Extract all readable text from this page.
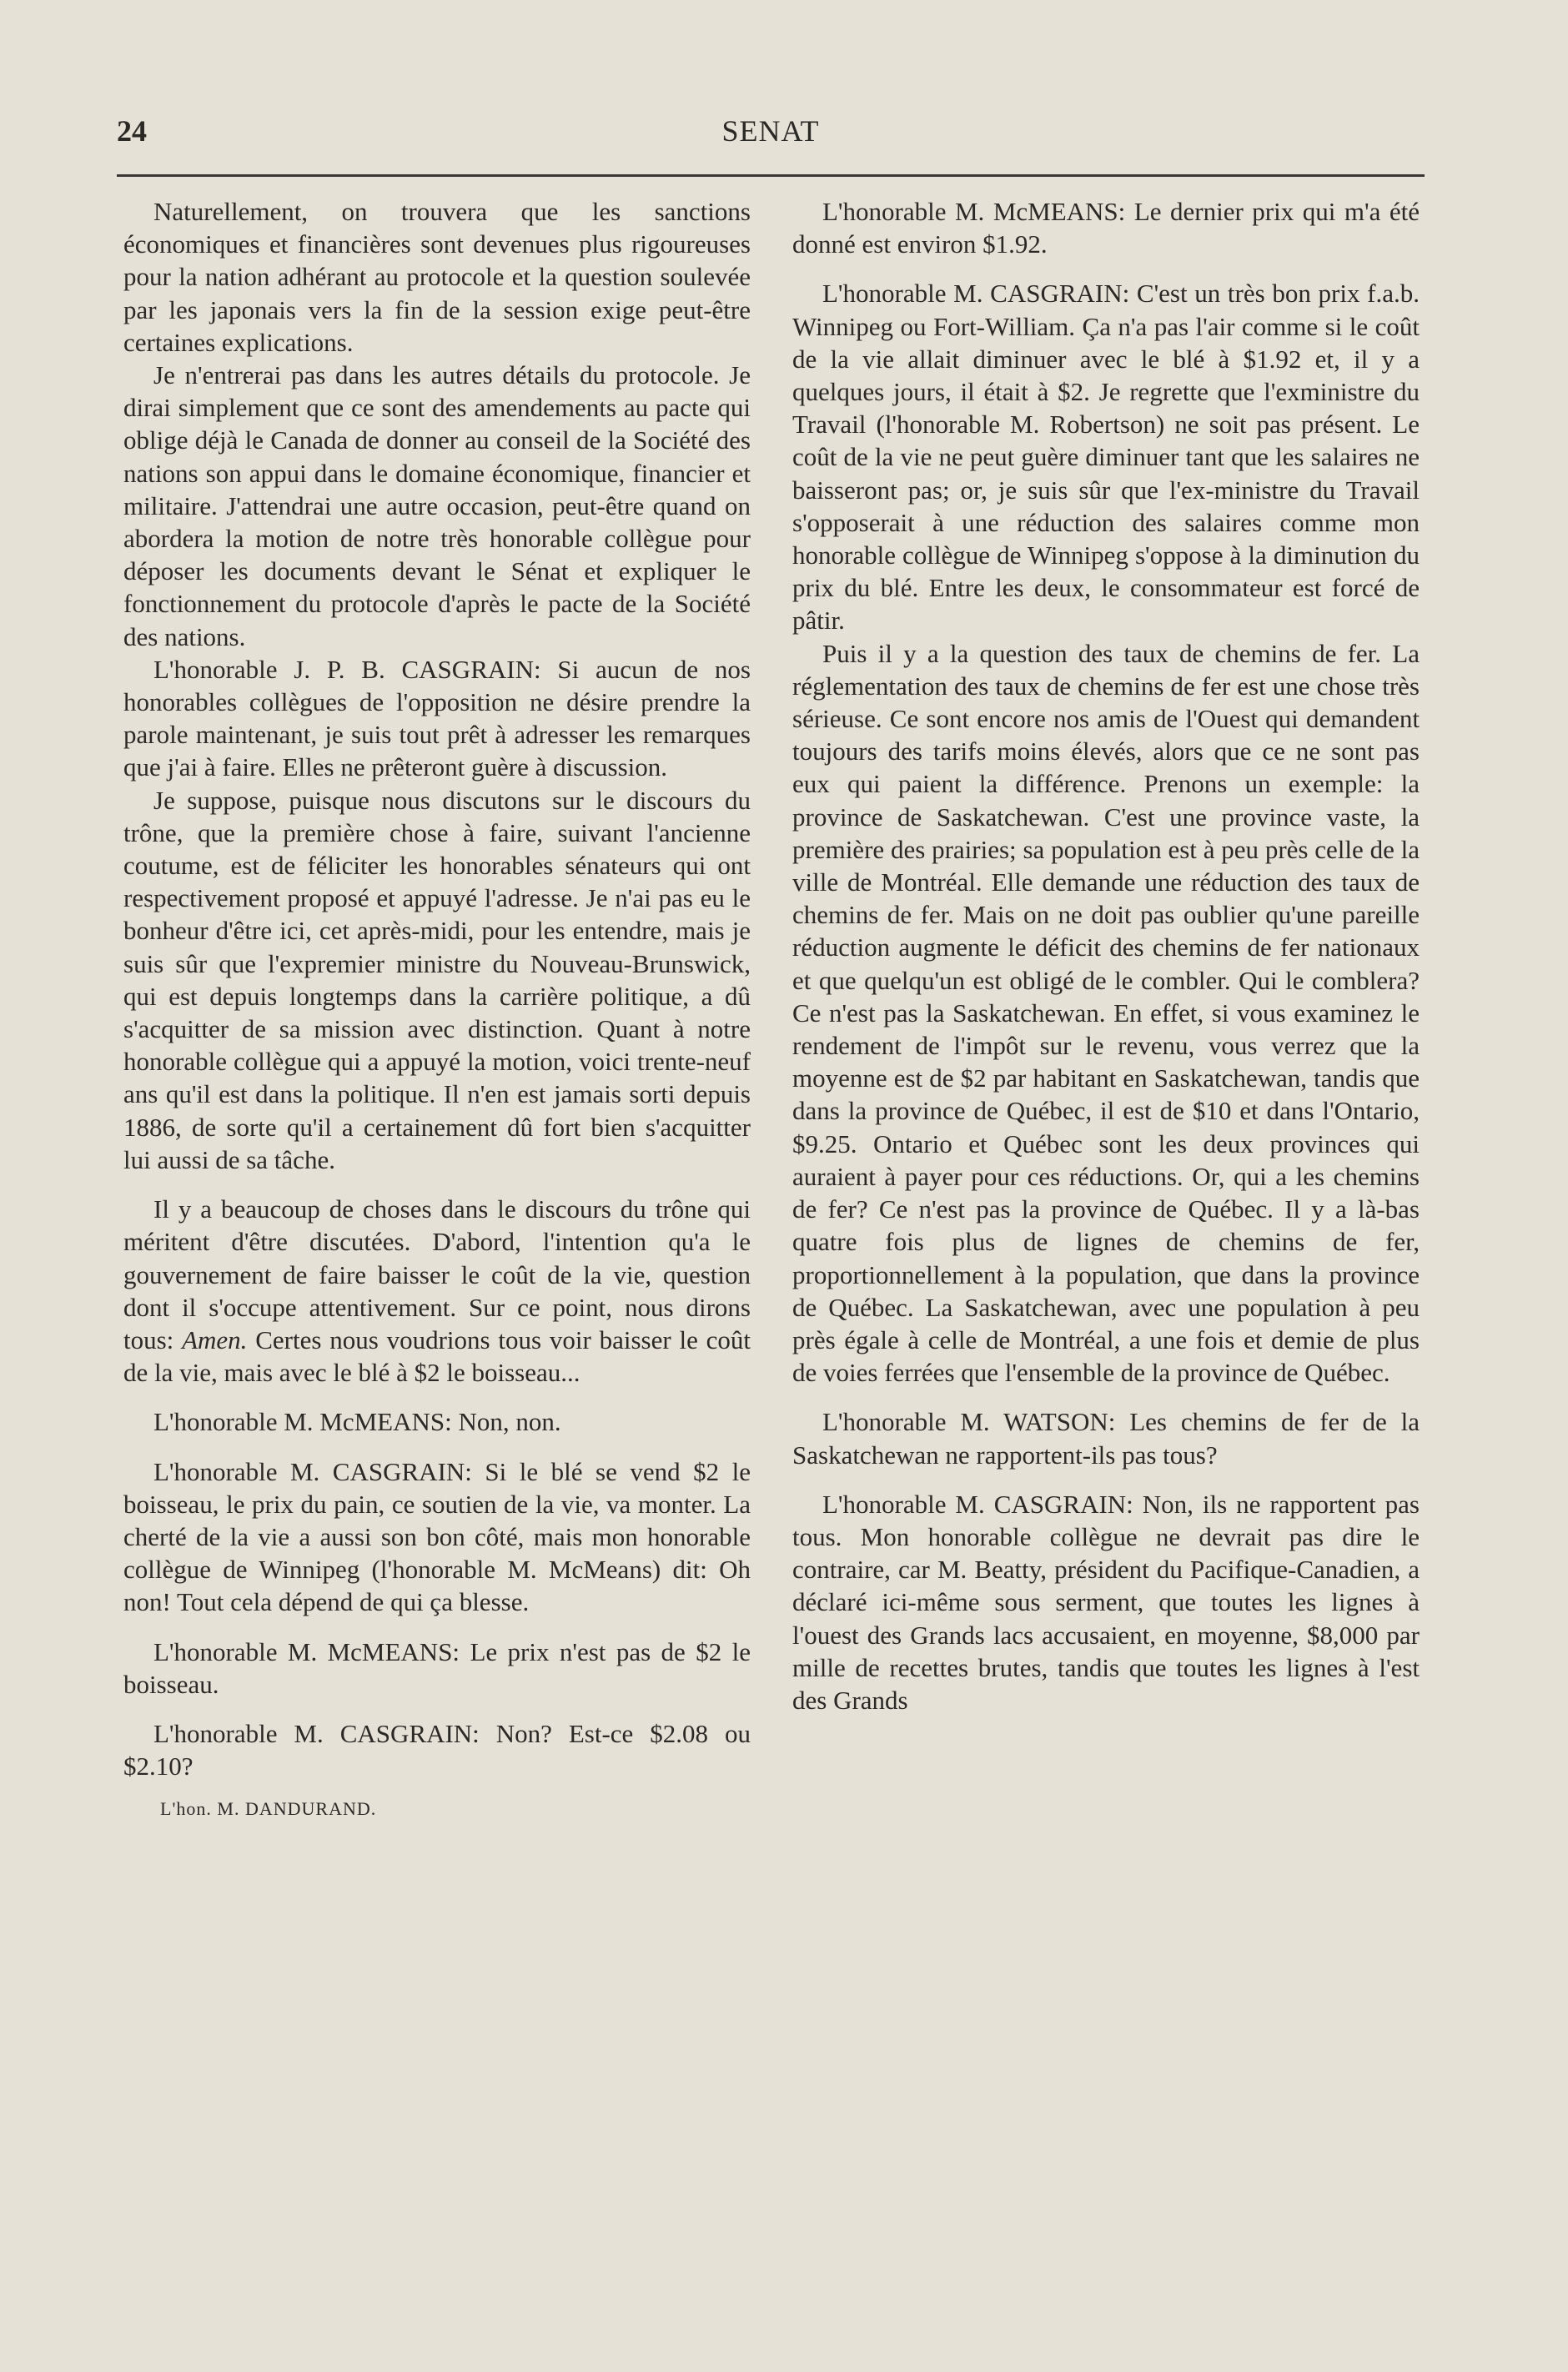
24	SENAT

Naturellement, on trouvera que les sanctions économiques et financières sont devenues plus rigoureuses pour la nation adhérant au protocole et la question soulevée par les japonais vers la fin de la session exige peut-être certaines explications.

Je n'entrerai pas dans les autres détails du protocole. Je dirai simplement que ce sont des amendements au pacte qui oblige déjà le Canada de donner au conseil de la Société des nations son appui dans le domaine économique, financier et militaire. J'attendrai une autre occasion, peut-être quand on abordera la motion de notre très honorable collègue pour déposer les documents devant le Sénat et expliquer le fonctionnement du protocole d'après le pacte de la Société des nations.

L'honorable J. P. B. CASGRAIN: Si aucun de nos honorables collègues de l'opposition ne désire prendre la parole maintenant, je suis tout prêt à adresser les remarques que j'ai à faire. Elles ne prêteront guère à discussion.

Je suppose, puisque nous discutons sur le discours du trône, que la première chose à faire, suivant l'ancienne coutume, est de féliciter les honorables sénateurs qui ont respectivement proposé et appuyé l'adresse. Je n'ai pas eu le bonheur d'être ici, cet après-midi, pour les entendre, mais je suis sûr que l'expremier ministre du Nouveau-Brunswick, qui est depuis longtemps dans la carrière politique, a dû s'acquitter de sa mission avec distinction. Quant à notre honorable collègue qui a appuyé la motion, voici trente-neuf ans qu'il est dans la politique. Il n'en est jamais sorti depuis 1886, de sorte qu'il a certainement dû fort bien s'acquitter lui aussi de sa tâche.

Il y a beaucoup de choses dans le discours du trône qui méritent d'être discutées. D'abord, l'intention qu'a le gouvernement de faire baisser le coût de la vie, question dont il s'occupe attentivement. Sur ce point, nous dirons tous: Amen. Certes nous voudrions tous voir baisser le coût de la vie, mais avec le blé à $2 le boisseau...

L'honorable M. McMEANS: Non, non.

L'honorable M. CASGRAIN: Si le blé se vend $2 le boisseau, le prix du pain, ce soutien de la vie, va monter. La cherté de la vie a aussi son bon côté, mais mon honorable collègue de Winnipeg (l'honorable M. McMeans) dit: Oh non! Tout cela dépend de qui ça blesse.

L'honorable M. McMEANS: Le prix n'est pas de $2 le boisseau.

L'honorable M. CASGRAIN: Non? Est-ce $2.08 ou $2.10?

L'hon. M. DANDURAND.

L'honorable M. McMEANS: Le dernier prix qui m'a été donné est environ $1.92.

L'honorable M. CASGRAIN: C'est un très bon prix f.a.b. Winnipeg ou Fort-William. Ça n'a pas l'air comme si le coût de la vie allait diminuer avec le blé à $1.92 et, il y a quelques jours, il était à $2. Je regrette que l'exministre du Travail (l'honorable M. Robertson) ne soit pas présent. Le coût de la vie ne peut guère diminuer tant que les salaires ne baisseront pas; or, je suis sûr que l'ex-ministre du Travail s'opposerait à une réduction des salaires comme mon honorable collègue de Winnipeg s'oppose à la diminution du prix du blé. Entre les deux, le consommateur est forcé de pâtir.

Puis il y a la question des taux de chemins de fer. La réglementation des taux de chemins de fer est une chose très sérieuse. Ce sont encore nos amis de l'Ouest qui demandent toujours des tarifs moins élevés, alors que ce ne sont pas eux qui paient la différence. Prenons un exemple: la province de Saskatchewan. C'est une province vaste, la première des prairies; sa population est à peu près celle de la ville de Montréal. Elle demande une réduction des taux de chemins de fer. Mais on ne doit pas oublier qu'une pareille réduction augmente le déficit des chemins de fer nationaux et que quelqu'un est obligé de le combler. Qui le comblera? Ce n'est pas la Saskatchewan. En effet, si vous examinez le rendement de l'impôt sur le revenu, vous verrez que la moyenne est de $2 par habitant en Saskatchewan, tandis que dans la province de Québec, il est de $10 et dans l'Ontario, $9.25. Ontario et Québec sont les deux provinces qui auraient à payer pour ces réductions. Or, qui a les chemins de fer? Ce n'est pas la province de Québec. Il y a là-bas quatre fois plus de lignes de chemins de fer, proportionnellement à la population, que dans la province de Québec. La Saskatchewan, avec une population à peu près égale à celle de Montréal, a une fois et demie de plus de voies ferrées que l'ensemble de la province de Québec.

L'honorable M. WATSON: Les chemins de fer de la Saskatchewan ne rapportent-ils pas tous?

L'honorable M. CASGRAIN: Non, ils ne rapportent pas tous. Mon honorable collègue ne devrait pas dire le contraire, car M. Beatty, président du Pacifique-Canadien, a déclaré ici-même sous serment, que toutes les lignes à l'ouest des Grands lacs accusaient, en moyenne, $8,000 par mille de recettes brutes, tandis que toutes les lignes à l'est des Grands
